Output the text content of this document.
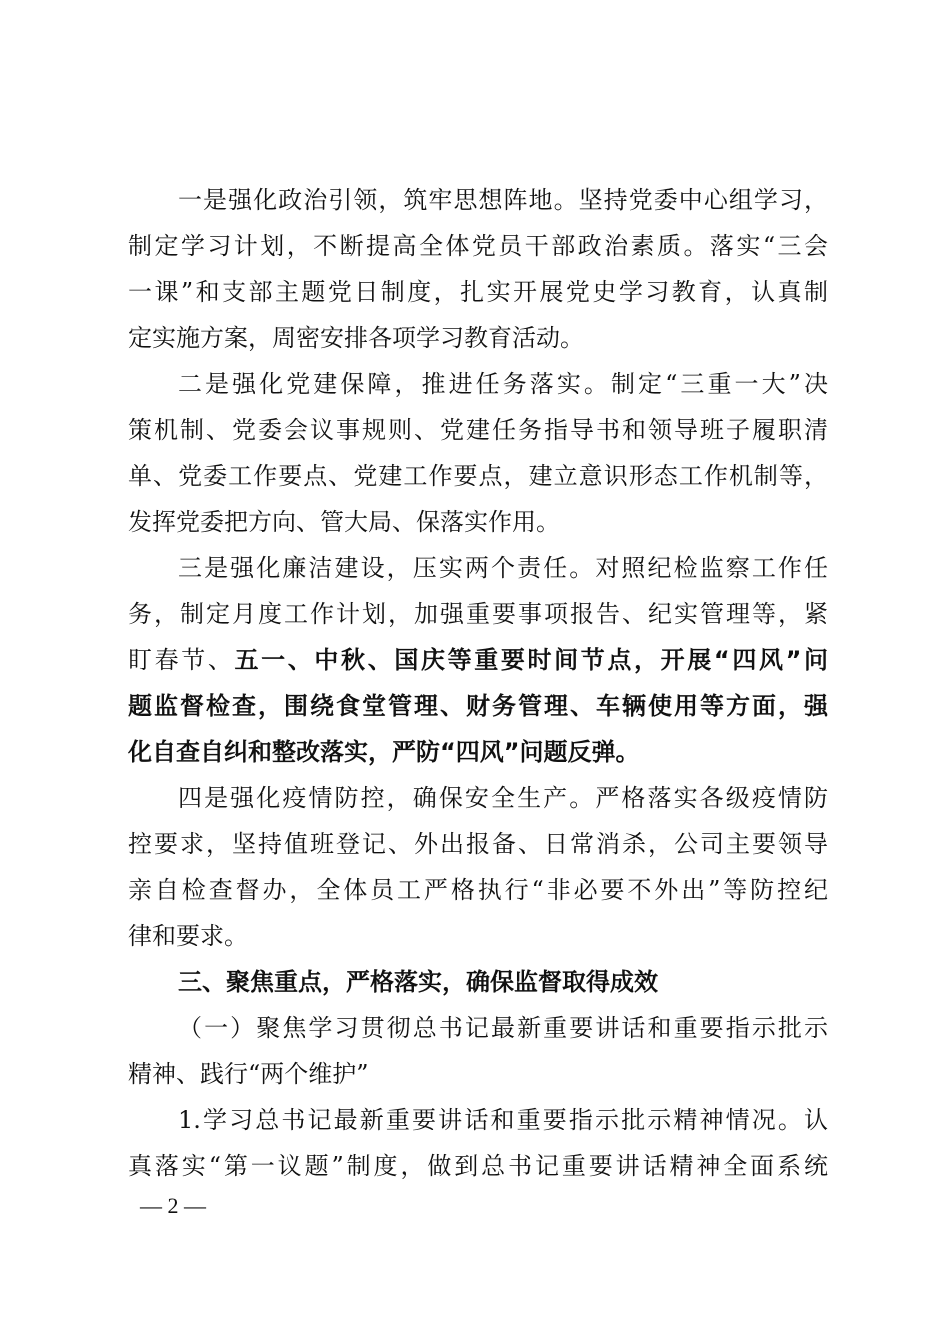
— 2 —
一是强化政治引领，筑牢思想阵地。坚持党委中心组学习，
制定学习计划，不断提高全体党员干部政治素质。落实“三会
一课”和支部主题党日制度，扎实开展党史学习教育，认真制
定实施方案，周密安排各项学习教育活动。
二是强化党建保障，推进任务落实。制定“三重一大”决
策机制、党委会议事规则、党建任务指导书和领导班子履职清
单、党委工作要点、党建工作要点，建立意识形态工作机制等，
发挥党委把方向、管大局、保落实作用。
三是强化廉洁建设，压实两个责任。对照纪检监察工作任
务，制定月度工作计划，加强重要事项报告、纪实管理等，紧
盯春节、五一、中秋、国庆等重要时间节点，开展“四风”问
题监督检查，围绕食堂管理、财务管理、车辆使用等方面，强
化自查自纠和整改落实，严防“四风”问题反弹。
四是强化疫情防控，确保安全生产。严格落实各级疫情防
控要求，坚持值班登记、外出报备、日常消杀，公司主要领导
亲自检查督办，全体员工严格执行“非必要不外出”等防控纪
律和要求。
三、聚焦重点，严格落实，确保监督取得成效
（一）聚焦学习贯彻总书记最新重要讲话和重要指示批示
精神、践行“两个维护”
1.学习总书记最新重要讲话和重要指示批示精神情况。认
真落实“第一议题”制度，做到总书记重要讲话精神全面系统
